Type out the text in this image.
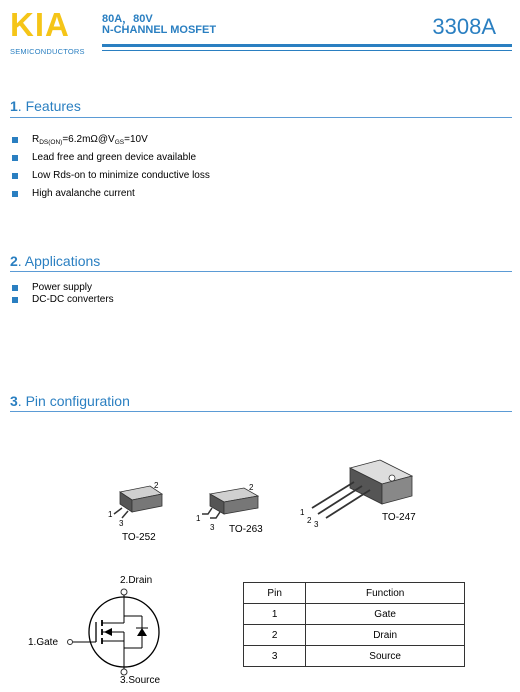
KIA
SEMICONDUCTORS
80A，80V
N-CHANNEL MOSFET	3308A
1. Features
$R_{DS(ON)}=6.2m\Omega@V_{GS}=10V$
Lead free and green device available
Low Rds-on to minimize conductive loss
High avalanche current
2. Applications
Power supply
DC-DC converters
3. Pin configuration
2
1
3
TO-252
2
1
3 TO-263
1
2 3
TO-247
2.Drain
1.Gate
3.Source
Pin	Function
1	Gate
2	Drain
3	Source
